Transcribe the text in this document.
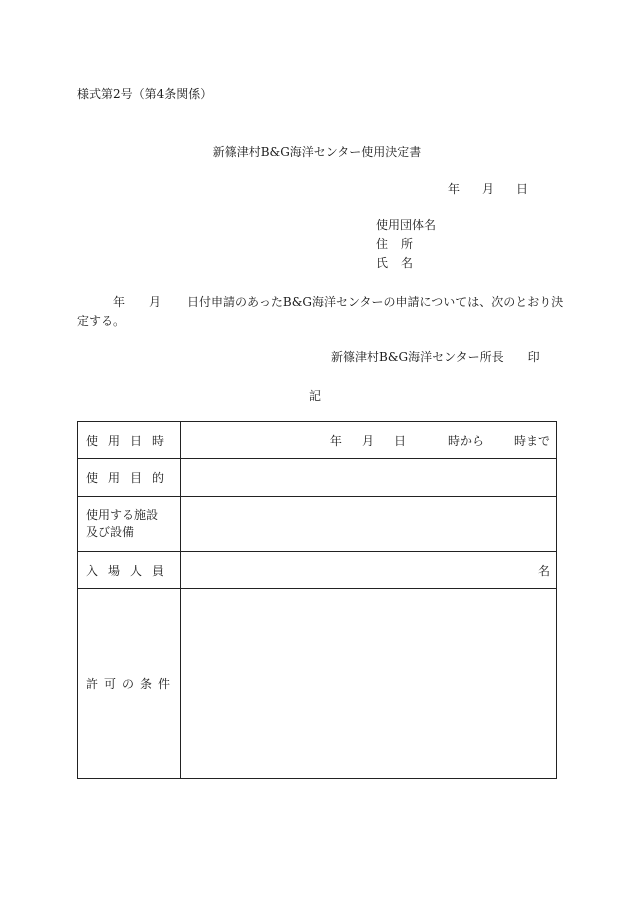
様式第2号（第4条関係）
新篠津村B&G海洋センター使用決定書
年 月 日
使用団体名
住所
氏名
年 月 日付申請のあったB&G海洋センターの申請については、次のとおり決
定する。
新篠津村B&G海洋センター所長 印
記
使用日時	年 月 日 時から 時まで
使用目的	

使用する施設
及び設備	

入場人員	名
許可の条件	
